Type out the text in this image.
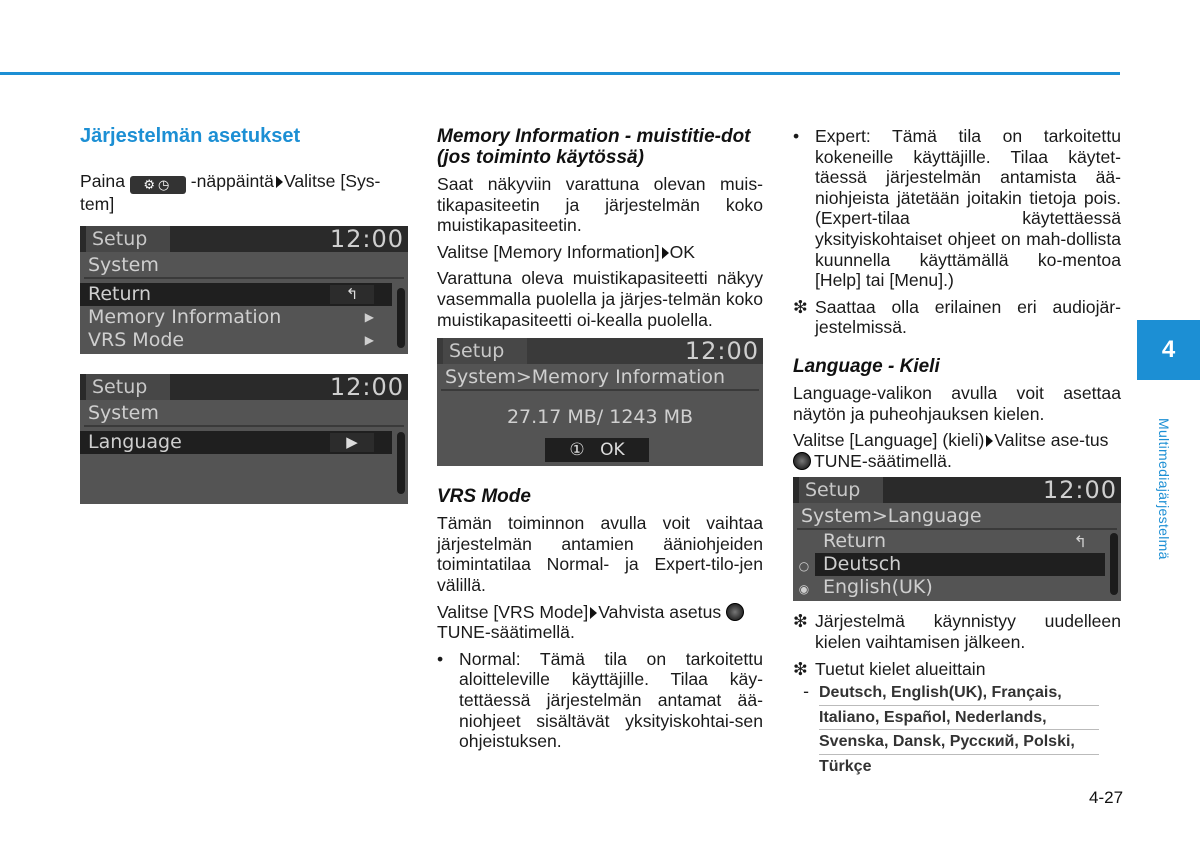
Järjestelmän asetukset

Paina ⚙◷ -näppäintä Valitse [Sys-tem]

Setup	12:00
System
Return	↰
Memory Information	▶
VRS Mode	▶
Setup	12:00
System
Language	▶
Memory Information - muistitie-dot (jos toiminto käytössä)

Saat näkyviin varattuna olevan muis-tikapasiteetin ja järjestelmän koko muistikapasiteetin.

Valitse [Memory Information] OK

Varattuna oleva muistikapasiteetti näkyy vasemmalla puolella ja järjes-telmän koko muistikapasiteetti oi-kealla puolella.

Setup	12:00
System>Memory Information
27.17 MB/ 1243 MB
① OK
VRS Mode

Tämän toiminnon avulla voit vaihtaa järjestelmän antamien ääniohjeiden toimintatilaa Normal- ja Expert-tilo-jen välillä.

Valitse [VRS Mode] Vahvista asetus TUNE-säätimellä.

• Normal: Tämä tila on tarkoitettu aloitteleville käyttäjille. Tilaa käy-tettäessä järjestelmän antamat ää-niohjeet sisältävät yksityiskohtai-sen ohjeistuksen.
• Expert: Tämä tila on tarkoitettu kokeneille käyttäjille. Tilaa käytet-täessä järjestelmän antamista ää-niohjeista jätetään joitakin tietoja pois. (Expert-tilaa käytettäessä yksityiskohtaiset ohjeet on mah-dollista kuunnella käyttämällä ko-mentoa [Help] tai [Menu].)
❇ Saattaa olla erilainen eri audiojär-jestelmissä.
Language - Kieli

Language-valikon avulla voit asettaa näytön ja puheohjauksen kielen.

Valitse [Language] (kieli) Valitse ase-tus TUNE-säätimellä.

Setup	12:00
System>Language
Return	↰
○ Deutsch
◉ English(UK)
❇ Järjestelmä käynnistyy uudelleen kielen vaihtamisen jälkeen.
❇ Tuetut kielet alueittain
- Deutsch, English(UK), Français,
Italiano, Español, Nederlands,
Svenska, Dansk, Русский, Polski,
Türkçe
4
Multimediajärjestelmä
4-27
